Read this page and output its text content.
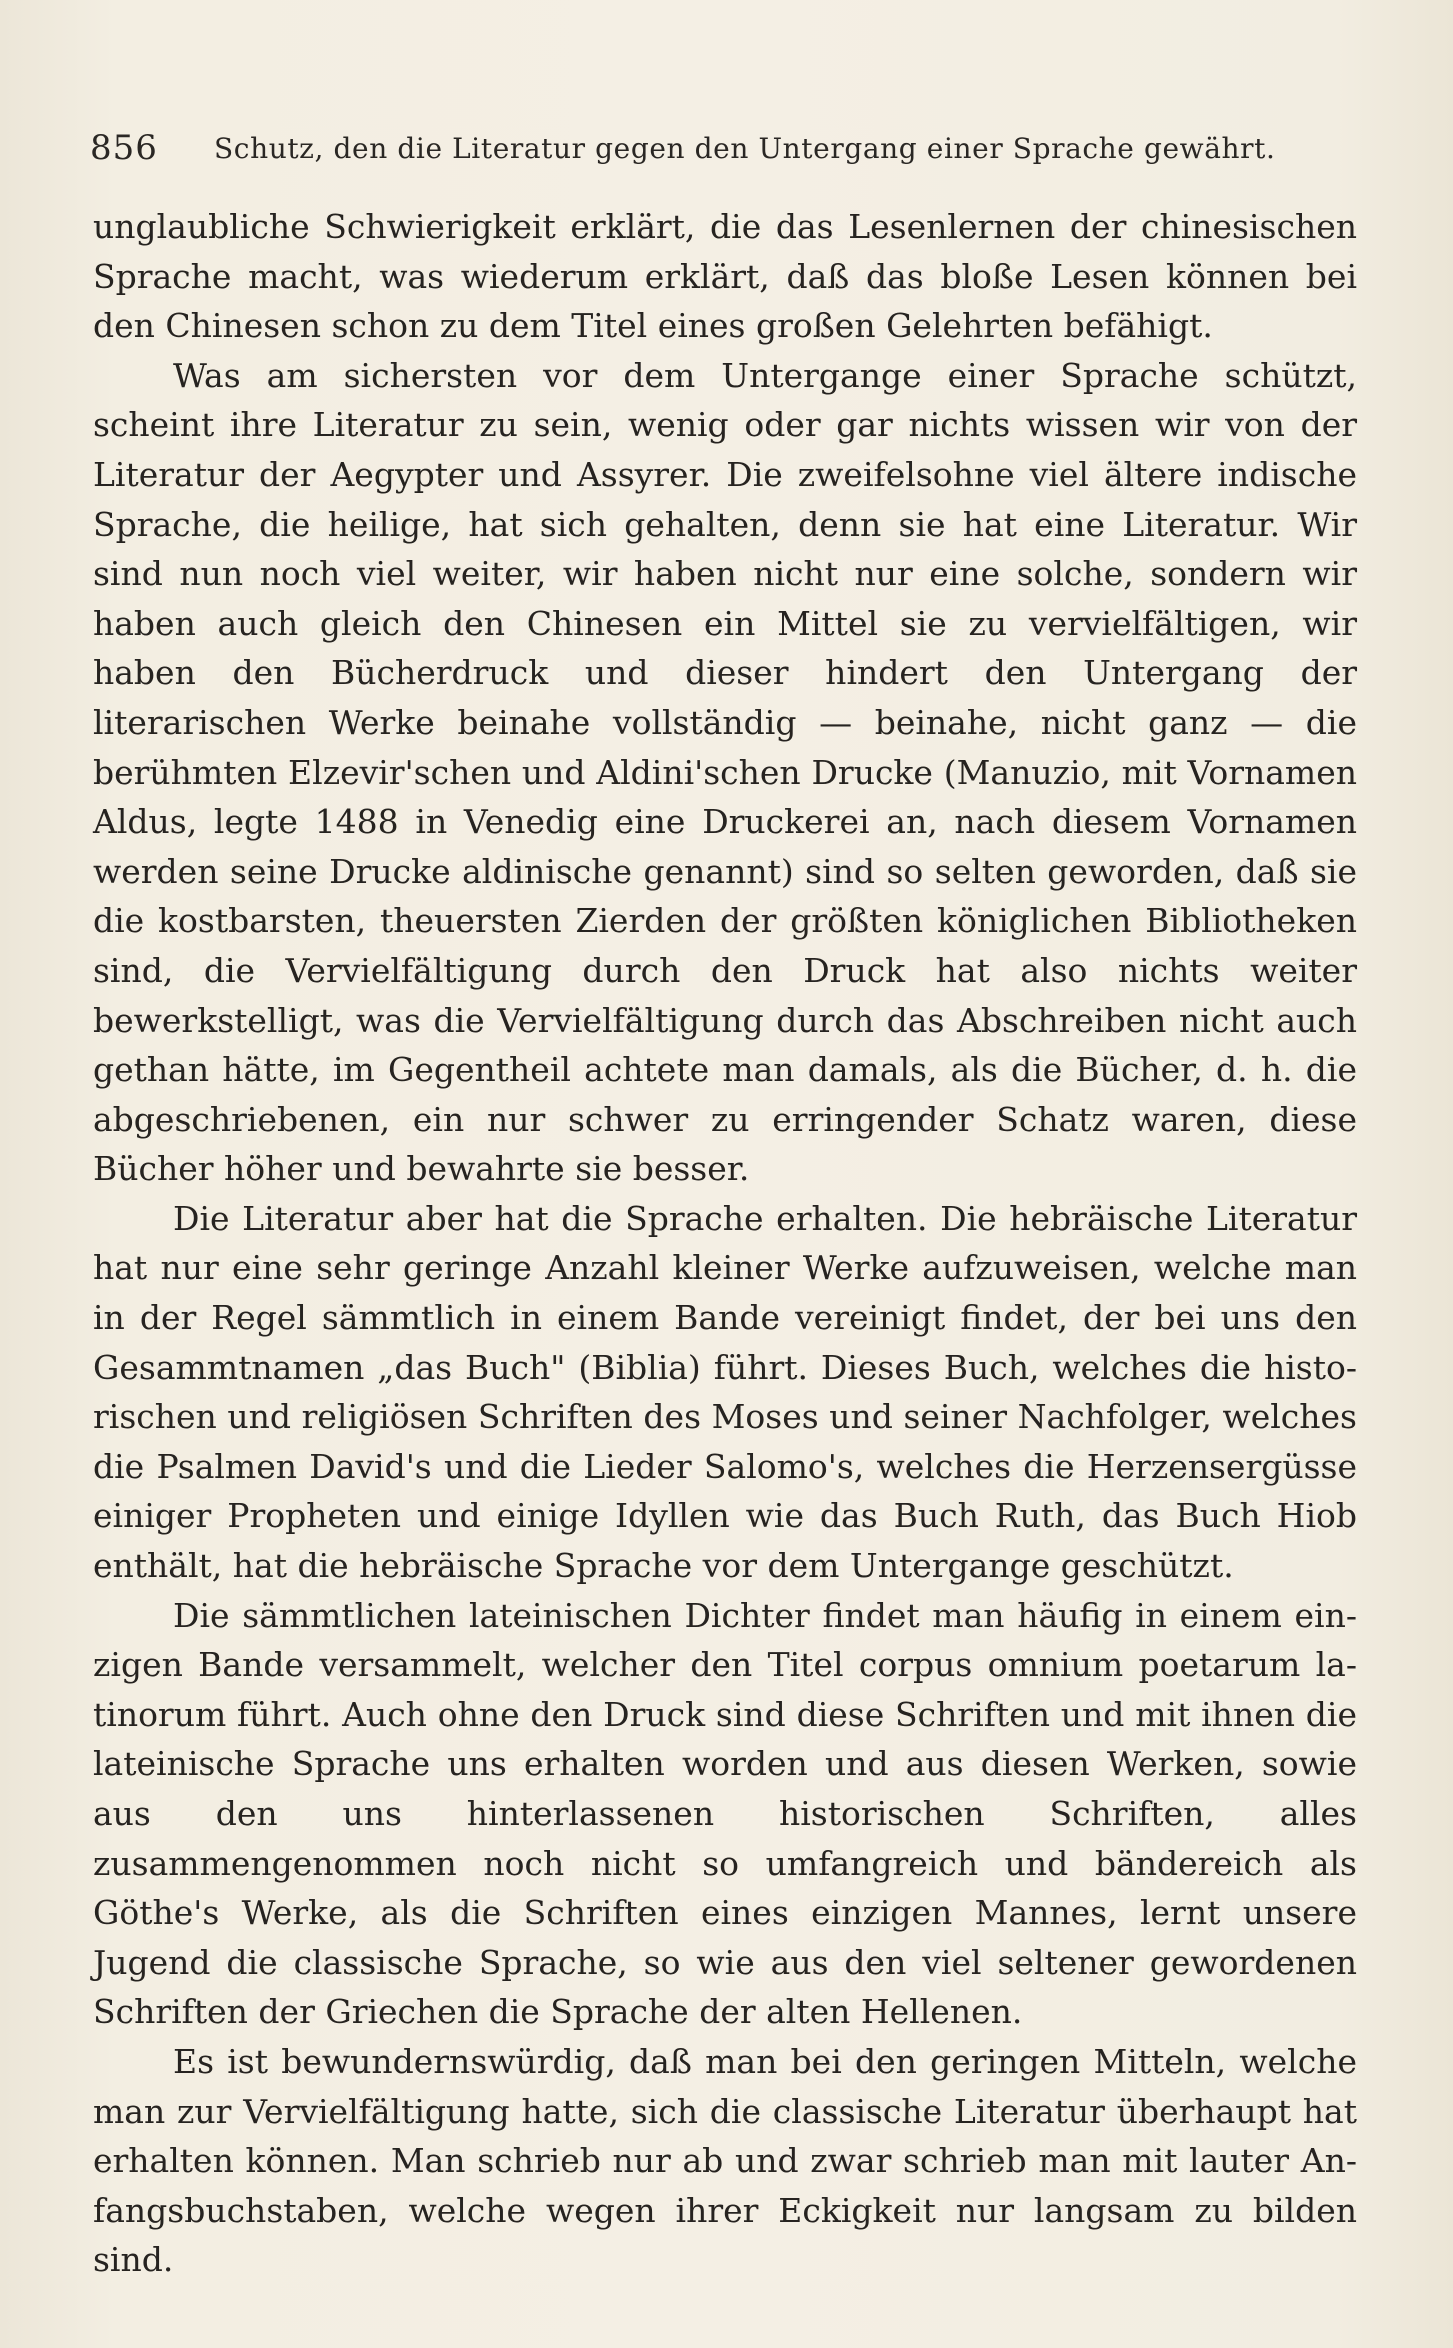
856 Schutz, den die Literatur gegen den Untergang einer Sprache gewährt.

unglaubliche Schwierigkeit erklärt, die das Lesenlernen der chinesischen Sprache macht, was wiederum erklärt, daß das bloße Lesen können bei den Chinesen schon zu dem Titel eines großen Gelehrten befähigt.

Was am sichersten vor dem Untergange einer Sprache schützt, scheint ihre Literatur zu sein, wenig oder gar nichts wissen wir von der Literatur der Aegypter und Assyrer. Die zweifelsohne viel ältere indische Sprache, die heilige, hat sich gehalten, denn sie hat eine Literatur. Wir sind nun noch viel weiter, wir haben nicht nur eine solche, sondern wir haben auch gleich den Chinesen ein Mittel sie zu vervielfältigen, wir haben den Bücherdruck und dieser hindert den Untergang der literarischen Werke beinahe vollständig — beinahe, nicht ganz — die berühmten Elzevir'schen und Aldini'schen Drucke (Manuzio, mit Vornamen Aldus, legte 1488 in Venedig eine Druckerei an, nach diesem Vornamen werden seine Drucke aldinische genannt) sind so selten geworden, daß sie die kostbarsten, theuersten Zierden der größten königlichen Bibliotheken sind, die Vervielfältigung durch den Druck hat also nichts weiter bewerkstelligt, was die Vervielfältigung durch das Abschreiben nicht auch gethan hätte, im Gegentheil achtete man damals, als die Bücher, d. h. die abgeschriebenen, ein nur schwer zu erringender Schatz waren, diese Bücher höher und bewahrte sie besser.

Die Literatur aber hat die Sprache erhalten. Die hebräische Literatur hat nur eine sehr geringe Anzahl kleiner Werke aufzuweisen, welche man in der Regel sämmtlich in einem Bande vereinigt findet, der bei uns den Gesammtnamen „das Buch" (Biblia) führt. Dieses Buch, welches die historischen und religiösen Schriften des Moses und seiner Nachfolger, welches die Psalmen David's und die Lieder Salomo's, welches die Herzensergüsse einiger Propheten und einige Idyllen wie das Buch Ruth, das Buch Hiob enthält, hat die hebräische Sprache vor dem Untergange geschützt.

Die sämmtlichen lateinischen Dichter findet man häufig in einem einzigen Bande versammelt, welcher den Titel corpus omnium poetarum latinorum führt. Auch ohne den Druck sind diese Schriften und mit ihnen die lateinische Sprache uns erhalten worden und aus diesen Werken, sowie aus den uns hinterlassenen historischen Schriften, alles zusammengenommen noch nicht so umfangreich und bändereich als Göthe's Werke, als die Schriften eines einzigen Mannes, lernt unsere Jugend die classische Sprache, so wie aus den viel seltener gewordenen Schriften der Griechen die Sprache der alten Hellenen.

Es ist bewundernswürdig, daß man bei den geringen Mitteln, welche man zur Vervielfältigung hatte, sich die classische Literatur überhaupt hat erhalten können. Man schrieb nur ab und zwar schrieb man mit lauter Anfangsbuchstaben, welche wegen ihrer Eckigkeit nur langsam zu bilden sind.
